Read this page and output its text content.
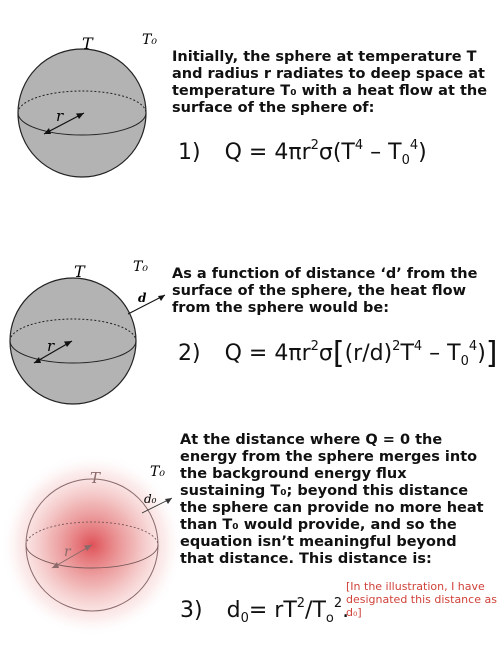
r
T	T₀

Initially, the sphere at temperature T and radius r radiates to deep space at temperature T₀ with a heat flow at the surface of the sphere of:

1) $Q = 4\pi r^2\sigma(T^4 - T_0^4)$
r
d
T	T₀ As a function of distance ‘d’ from the surface of the sphere, the heat flow from the sphere would be:

2) $Q = 4\pi r^2\sigma[(r/d)^2T^4 - T_0^4)$]
r
d₀
T	T₀

At the distance where Q = 0 the energy from the sphere merges into the background energy flux sustaining T₀; beyond this distance the sphere can provide no more heat than T₀ would provide, and so the equation isn’t meaningful beyond that distance. This distance is:

3) $d_0= rT^2/T_o^2$.
[In the illustration, I have designated this distance as d₀]
